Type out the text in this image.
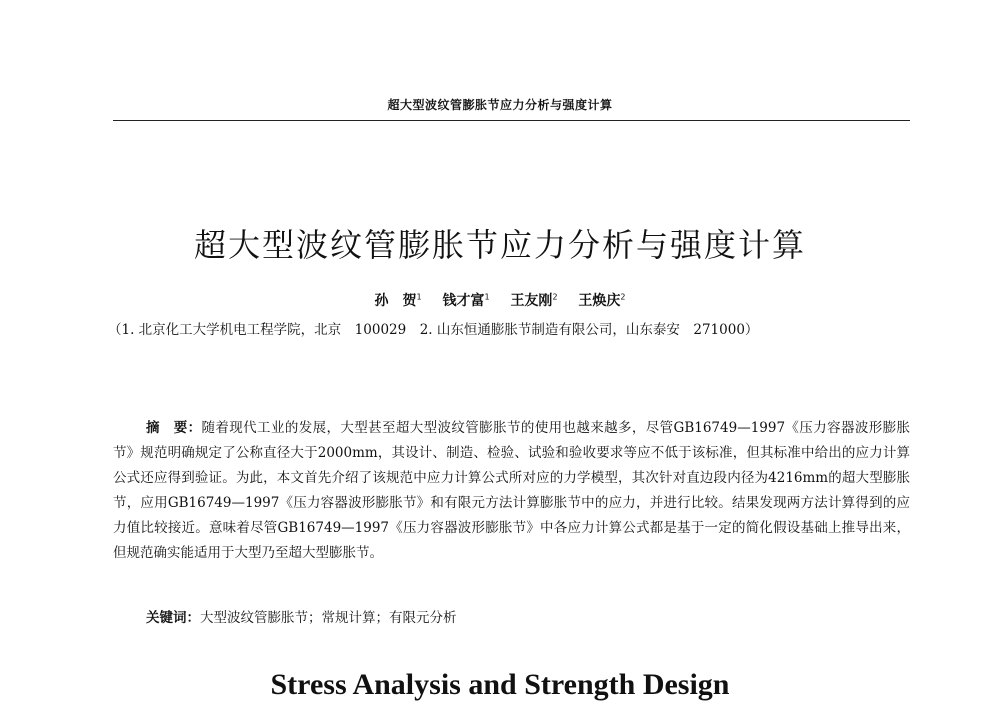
超大型波纹管膨胀节应力分析与强度计算
超大型波纹管膨胀节应力分析与强度计算
孙　贺$^1$ 钱才富$^1$ 王友刚$^2$ 王焕庆$^2$
（1. 北京化工大学机电工程学院，北京　100029　2. 山东恒通膨胀节制造有限公司，山东泰安　271000）
摘　要：随着现代工业的发展，大型甚至超大型波纹管膨胀节的使用也越来越多，尽管GB16749—1997《压力容器波形膨胀节》规范明确规定了公称直径大于2000mm，其设计、制造、检验、试验和验收要求等应不低于该标准，但其标准中给出的应力计算公式还应得到验证。为此，本文首先介绍了该规范中应力计算公式所对应的力学模型，其次针对直边段内径为4216mm的超大型膨胀节，应用GB16749—1997《压力容器波形膨胀节》和有限元方法计算膨胀节中的应力，并进行比较。结果发现两方法计算得到的应力值比较接近。意味着尽管GB16749—1997《压力容器波形膨胀节》中各应力计算公式都是基于一定的简化假设基础上推导出来，但规范确实能适用于大型乃至超大型膨胀节。
关键词：大型波纹管膨胀节；常规计算；有限元分析
Stress Analysis and Strength Design
